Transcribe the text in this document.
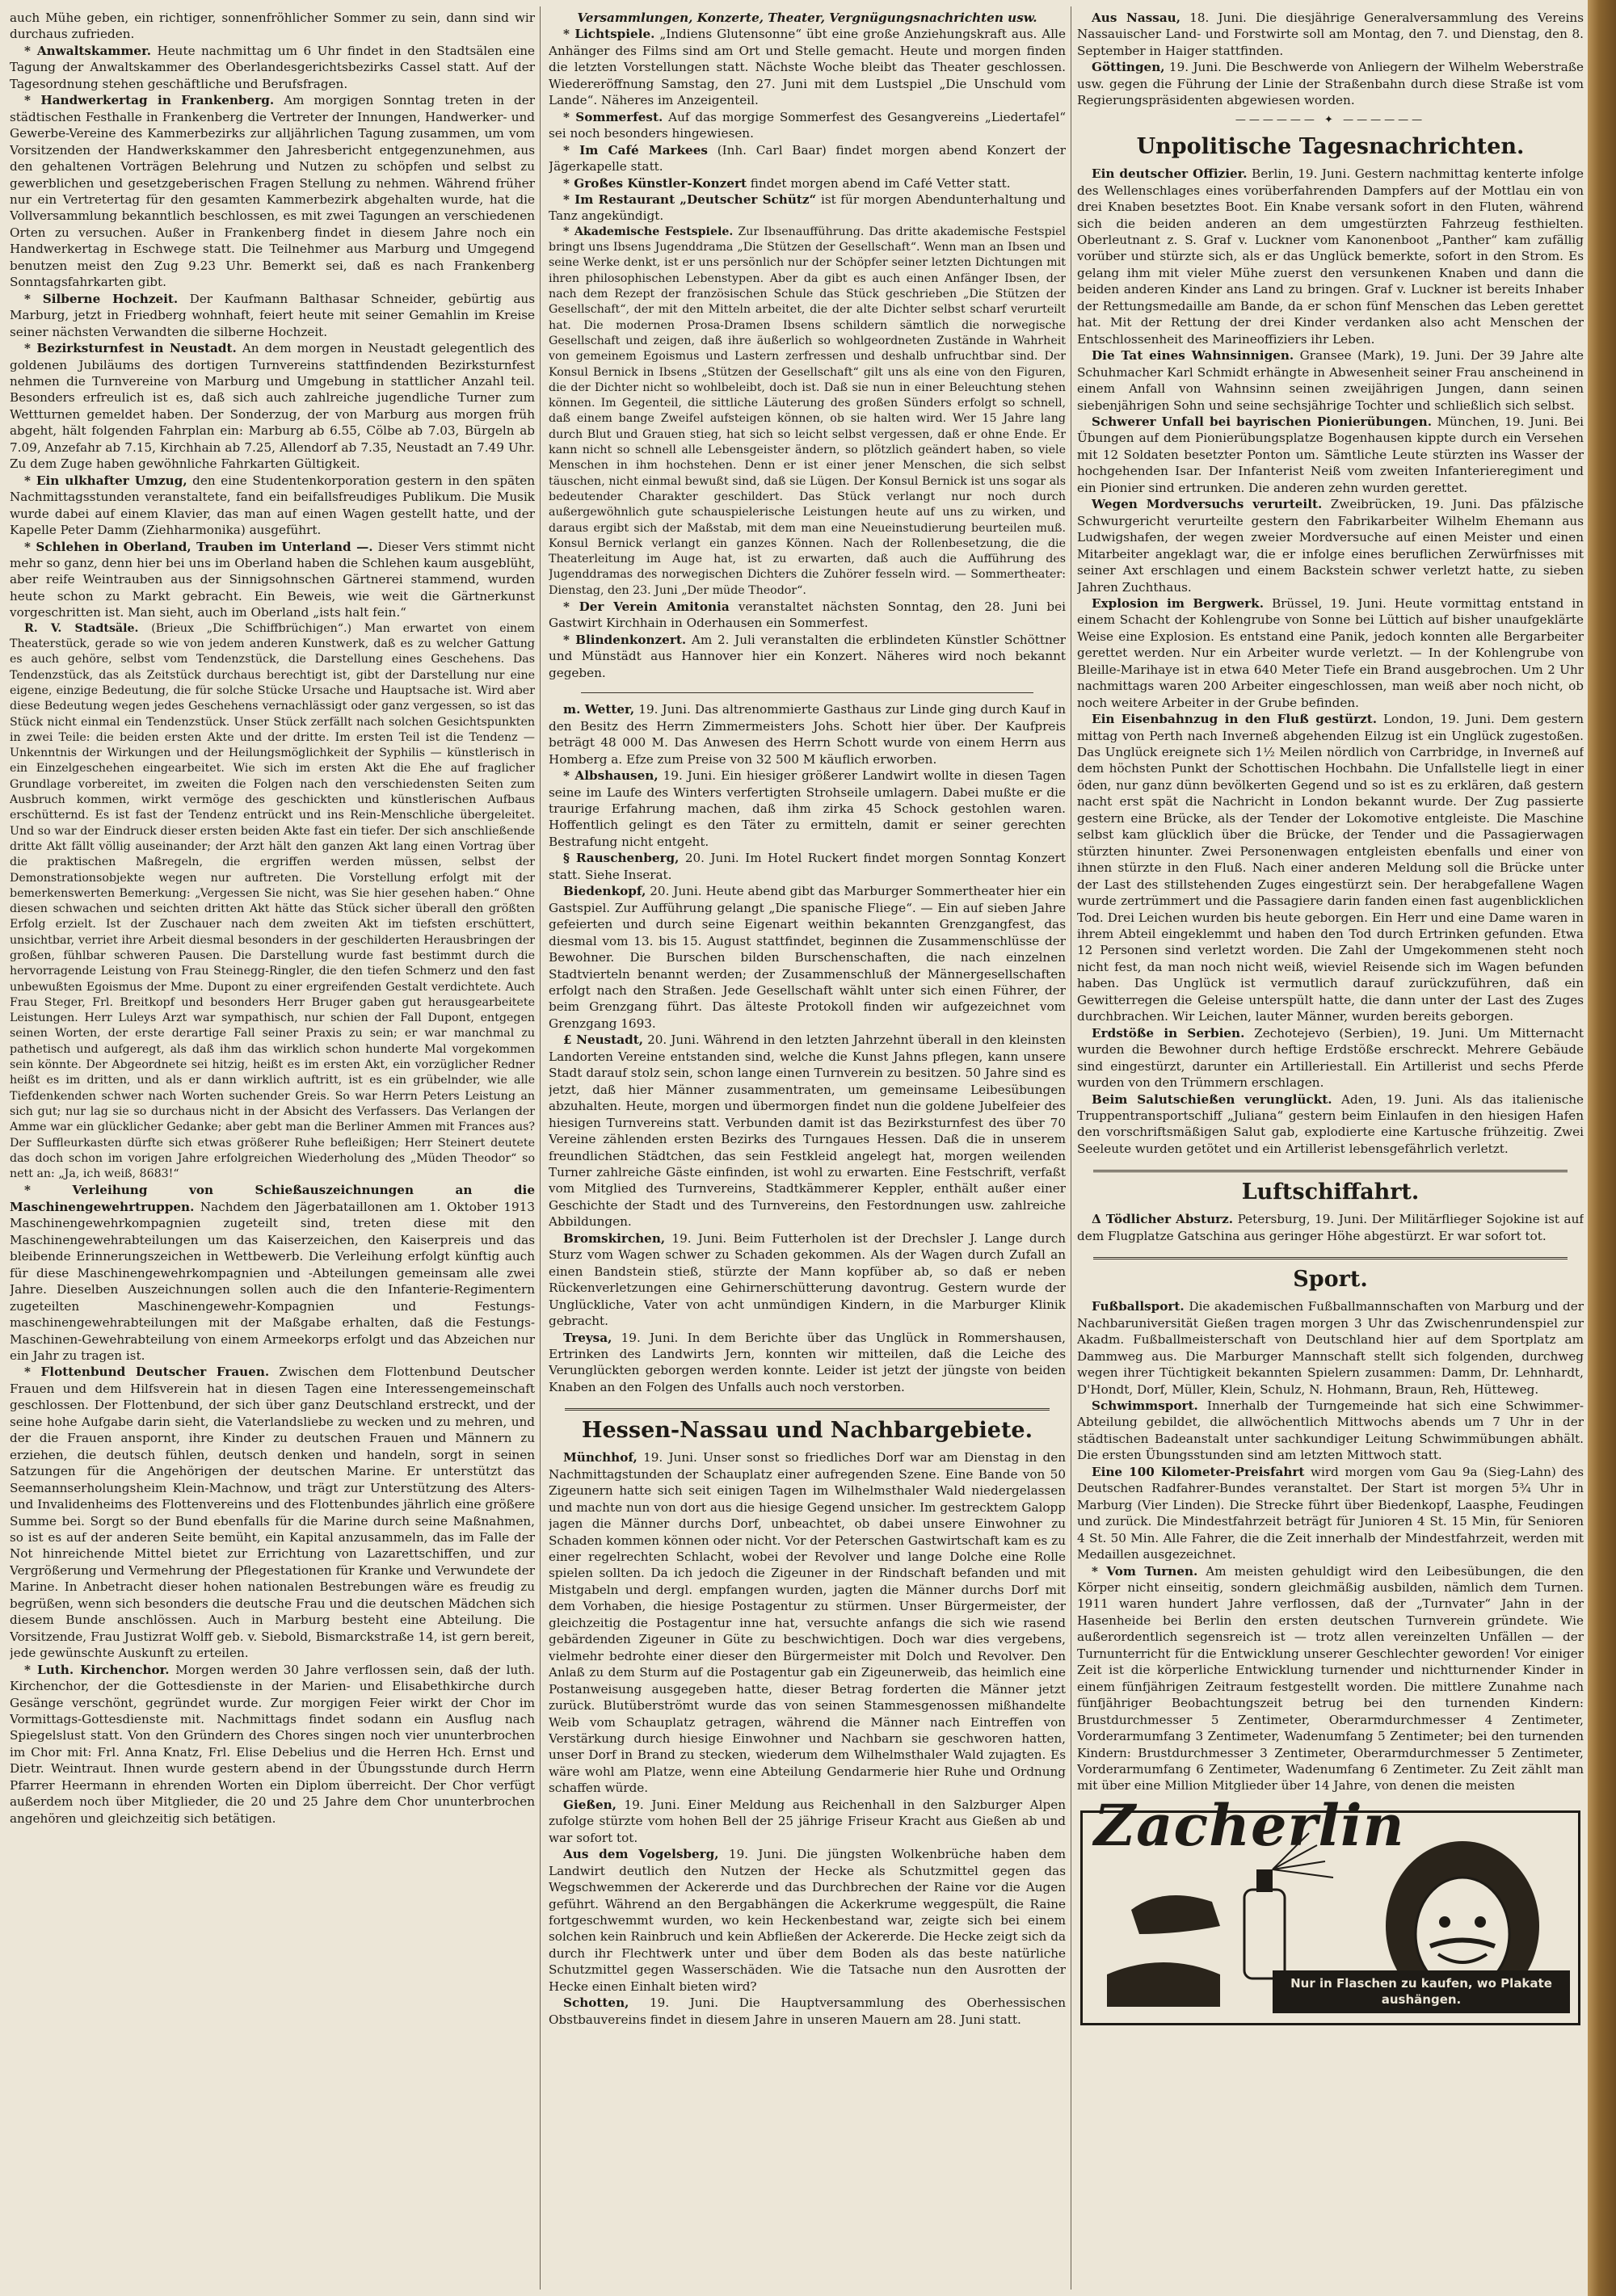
auch Mühe geben, ein richtiger, sonnenfröhlicher Sommer zu sein, dann sind wir durchaus zufrieden.

* Anwaltskammer. Heute nachmittag um 6 Uhr findet in den Stadtsälen eine Tagung der Anwaltskammer des Oberlandesgerichtsbezirks Cassel statt. Auf der Tagesordnung stehen geschäftliche und Berufsfragen.

* Handwerkertag in Frankenberg. Am morgigen Sonntag treten in der städtischen Festhalle in Frankenberg die Vertreter der Innungen, Handwerker- und Gewerbe-Vereine des Kammerbezirks zur alljährlichen Tagung zusammen, um vom Vorsitzenden der Handwerkskammer den Jahresbericht entgegenzunehmen, aus den gehaltenen Vorträgen Belehrung und Nutzen zu schöpfen und selbst zu gewerblichen und gesetzgeberischen Fragen Stellung zu nehmen. Während früher nur ein Vertretertag für den gesamten Kammerbezirk abgehalten wurde, hat die Vollversammlung bekanntlich beschlossen, es mit zwei Tagungen an verschiedenen Orten zu versuchen. Außer in Frankenberg findet in diesem Jahre noch ein Handwerkertag in Eschwege statt. Die Teilnehmer aus Marburg und Umgegend benutzen meist den Zug 9.23 Uhr. Bemerkt sei, daß es nach Frankenberg Sonntagsfahrkarten gibt.

* Silberne Hochzeit. Der Kaufmann Balthasar Schneider, gebürtig aus Marburg, jetzt in Friedberg wohnhaft, feiert heute mit seiner Gemahlin im Kreise seiner nächsten Verwandten die silberne Hochzeit.

* Bezirksturnfest in Neustadt. An dem morgen in Neustadt gelegentlich des goldenen Jubiläums des dortigen Turnvereins stattfindenden Bezirksturnfest nehmen die Turnvereine von Marburg und Umgebung in stattlicher Anzahl teil. Besonders erfreulich ist es, daß sich auch zahlreiche jugendliche Turner zum Wettturnen gemeldet haben. Der Sonderzug, der von Marburg aus morgen früh abgeht, hält folgenden Fahrplan ein: Marburg ab 6.55, Cölbe ab 7.03, Bürgeln ab 7.09, Anzefahr ab 7.15, Kirchhain ab 7.25, Allendorf ab 7.35, Neustadt an 7.49 Uhr. Zu dem Zuge haben gewöhnliche Fahrkarten Gültigkeit.

* Ein ulkhafter Umzug, den eine Studentenkorporation gestern in den späten Nachmittagsstunden veranstaltete, fand ein beifallsfreudiges Publikum. Die Musik wurde dabei auf einem Klavier, das man auf einen Wagen gestellt hatte, und der Kapelle Peter Damm (Ziehharmonika) ausgeführt.

* Schlehen in Oberland, Trauben im Unterland —. Dieser Vers stimmt nicht mehr so ganz, denn hier bei uns im Oberland haben die Schlehen kaum ausgeblüht, aber reife Weintrauben aus der Sinnigsohnschen Gärtnerei stammend, wurden heute schon zu Markt gebracht. Ein Beweis, wie weit die Gärtnerkunst vorgeschritten ist. Man sieht, auch im Oberland „ists halt fein.“

R. V. Stadtsäle. (Brieux „Die Schiffbrüchigen“.) Man erwartet von einem Theaterstück, gerade so wie von jedem anderen Kunstwerk, daß es zu welcher Gattung es auch gehöre, selbst vom Tendenzstück, die Darstellung eines Geschehens. Das Tendenzstück, das als Zeitstück durchaus berechtigt ist, gibt der Darstellung nur eine eigene, einzige Bedeutung, die für solche Stücke Ursache und Hauptsache ist. Wird aber diese Bedeutung wegen jedes Geschehens vernachlässigt oder ganz vergessen, so ist das Stück nicht einmal ein Tendenzstück. Unser Stück zerfällt nach solchen Gesichtspunkten in zwei Teile: die beiden ersten Akte und der dritte. Im ersten Teil ist die Tendenz — Unkenntnis der Wirkungen und der Heilungsmöglichkeit der Syphilis — künstlerisch in ein Einzelgeschehen eingearbeitet. Wie sich im ersten Akt die Ehe auf fraglicher Grundlage vorbereitet, im zweiten die Folgen nach den verschiedensten Seiten zum Ausbruch kommen, wirkt vermöge des geschickten und künstlerischen Aufbaus erschütternd. Es ist fast der Tendenz entrückt und ins Rein-Menschliche übergeleitet. Und so war der Eindruck dieser ersten beiden Akte fast ein tiefer. Der sich anschließende dritte Akt fällt völlig auseinander; der Arzt hält den ganzen Akt lang einen Vortrag über die praktischen Maßregeln, die ergriffen werden müssen, selbst der Demonstrationsobjekte wegen nur auftreten. Die Vorstellung erfolgt mit der bemerkenswerten Bemerkung: „Vergessen Sie nicht, was Sie hier gesehen haben.“ Ohne diesen schwachen und seichten dritten Akt hätte das Stück sicher überall den größten Erfolg erzielt. Ist der Zuschauer nach dem zweiten Akt im tiefsten erschüttert, unsichtbar, verriet ihre Arbeit diesmal besonders in der geschilderten Herausbringen der großen, fühlbar schweren Pausen. Die Darstellung wurde fast bestimmt durch die hervorragende Leistung von Frau Steinegg-Ringler, die den tiefen Schmerz und den fast unbewußten Egoismus der Mme. Dupont zu einer ergreifenden Gestalt verdichtete. Auch Frau Steger, Frl. Breitkopf und besonders Herr Bruger gaben gut herausgearbeitete Leistungen. Herr Luleys Arzt war sympathisch, nur schien der Fall Dupont, entgegen seinen Worten, der erste derartige Fall seiner Praxis zu sein; er war manchmal zu pathetisch und aufgeregt, als daß ihm das wirklich schon hunderte Mal vorgekommen sein könnte. Der Abgeordnete sei hitzig, heißt es im ersten Akt, ein vorzüglicher Redner heißt es im dritten, und als er dann wirklich auftritt, ist es ein grübelnder, wie alle Tiefdenkenden schwer nach Worten suchender Greis. So war Herrn Peters Leistung an sich gut; nur lag sie so durchaus nicht in der Absicht des Verfassers. Das Verlangen der Amme war ein glücklicher Gedanke; aber gebt man die Berliner Ammen mit Frances aus? Der Suffleurkasten dürfte sich etwas größerer Ruhe befleißigen; Herr Steinert deutete das doch schon im vorigen Jahre erfolgreichen Wiederholung des „Müden Theodor“ so nett an: „Ja, ich weiß, 8683!“

* Verleihung von Schießauszeichnungen an die Maschinengewehrtruppen. Nachdem den Jägerbataillonen am 1. Oktober 1913 Maschinengewehrkompagnien zugeteilt sind, treten diese mit den Maschinengewehrabteilungen um das Kaiserzeichen, den Kaiserpreis und das bleibende Erinnerungszeichen in Wettbewerb. Die Verleihung erfolgt künftig auch für diese Maschinengewehrkompagnien und -Abteilungen gemeinsam alle zwei Jahre. Dieselben Auszeichnungen sollen auch die den Infanterie-Regimentern zugeteilten Maschinengewehr-Kompagnien und Festungs-maschinengewehrabteilungen mit der Maßgabe erhalten, daß die Festungs-Maschinen-Gewehrabteilung von einem Armeekorps erfolgt und das Abzeichen nur ein Jahr zu tragen ist.

* Flottenbund Deutscher Frauen. Zwischen dem Flottenbund Deutscher Frauen und dem Hilfsverein hat in diesen Tagen eine Interessengemeinschaft geschlossen. Der Flottenbund, der sich über ganz Deutschland erstreckt, und der seine hohe Aufgabe darin sieht, die Vaterlandsliebe zu wecken und zu mehren, und der die Frauen anspornt, ihre Kinder zu deutschen Frauen und Männern zu erziehen, die deutsch fühlen, deutsch denken und handeln, sorgt in seinen Satzungen für die Angehörigen der deutschen Marine. Er unterstützt das Seemannserholungsheim Klein-Machnow, und trägt zur Unterstützung des Alters- und Invalidenheims des Flottenvereins und des Flottenbundes jährlich eine größere Summe bei. Sorgt so der Bund ebenfalls für die Marine durch seine Maßnahmen, so ist es auf der anderen Seite bemüht, ein Kapital anzusammeln, das im Falle der Not hinreichende Mittel bietet zur Errichtung von Lazarettschiffen, und zur Vergrößerung und Vermehrung der Pflegestationen für Kranke und Verwundete der Marine. In Anbetracht dieser hohen nationalen Bestrebungen wäre es freudig zu begrüßen, wenn sich besonders die deutsche Frau und die deutschen Mädchen sich diesem Bunde anschlössen. Auch in Marburg besteht eine Abteilung. Die Vorsitzende, Frau Justizrat Wolff geb. v. Siebold, Bismarckstraße 14, ist gern bereit, jede gewünschte Auskunft zu erteilen.

* Luth. Kirchenchor. Morgen werden 30 Jahre verflossen sein, daß der luth. Kirchenchor, der die Gottesdienste in der Marien- und Elisabethkirche durch Gesänge verschönt, gegründet wurde. Zur morgigen Feier wirkt der Chor im Vormittags-Gottesdienste mit. Nachmittags findet sodann ein Ausflug nach Spiegelslust statt. Von den Gründern des Chores singen noch vier ununterbrochen im Chor mit: Frl. Anna Knatz, Frl. Elise Debelius und die Herren Hch. Ernst und Dietr. Weintraut. Ihnen wurde gestern abend in der Übungsstunde durch Herrn Pfarrer Heermann in ehrenden Worten ein Diplom überreicht. Der Chor verfügt außerdem noch über Mitglieder, die 20 und 25 Jahre dem Chor ununterbrochen angehören und gleichzeitig sich betätigen.

Versammlungen, Konzerte, Theater, Vergnügungsnachrichten usw.

* Lichtspiele. „Indiens Glutensonne“ übt eine große Anziehungskraft aus. Alle Anhänger des Films sind am Ort und Stelle gemacht. Heute und morgen finden die letzten Vorstellungen statt. Nächste Woche bleibt das Theater geschlossen. Wiedereröffnung Samstag, den 27. Juni mit dem Lustspiel „Die Unschuld vom Lande“. Näheres im Anzeigenteil.

* Sommerfest. Auf das morgige Sommerfest des Gesangvereins „Liedertafel“ sei noch besonders hingewiesen.

* Im Café Markees (Inh. Carl Baar) findet morgen abend Konzert der Jägerkapelle statt.

* Großes Künstler-Konzert findet morgen abend im Café Vetter statt.

* Im Restaurant „Deutscher Schütz“ ist für morgen Abendunterhaltung und Tanz angekündigt.

* Akademische Festspiele. Zur Ibsenaufführung. Das dritte akademische Festspiel bringt uns Ibsens Jugenddrama „Die Stützen der Gesellschaft“. Wenn man an Ibsen und seine Werke denkt, ist er uns persönlich nur der Schöpfer seiner letzten Dichtungen mit ihren philosophischen Lebenstypen. Aber da gibt es auch einen Anfänger Ibsen, der nach dem Rezept der französischen Schule das Stück geschrieben „Die Stützen der Gesellschaft“, der mit den Mitteln arbeitet, die der alte Dichter selbst scharf verurteilt hat. Die modernen Prosa-Dramen Ibsens schildern sämtlich die norwegische Gesellschaft und zeigen, daß ihre äußerlich so wohlgeordneten Zustände in Wahrheit von gemeinem Egoismus und Lastern zerfressen und deshalb unfruchtbar sind. Der Konsul Bernick in Ibsens „Stützen der Gesellschaft“ gilt uns als eine von den Figuren, die der Dichter nicht so wohlbeleibt, doch ist. Daß sie nun in einer Beleuchtung stehen können. Im Gegenteil, die sittliche Läuterung des großen Sünders erfolgt so schnell, daß einem bange Zweifel aufsteigen können, ob sie halten wird. Wer 15 Jahre lang durch Blut und Grauen stieg, hat sich so leicht selbst vergessen, daß er ohne Ende. Er kann nicht so schnell alle Lebensgeister ändern, so plötzlich geändert haben, so viele Menschen in ihm hochstehen. Denn er ist einer jener Menschen, die sich selbst täuschen, nicht einmal bewußt sind, daß sie Lügen. Der Konsul Bernick ist uns sogar als bedeutender Charakter geschildert. Das Stück verlangt nur noch durch außergewöhnlich gute schauspielerische Leistungen heute auf uns zu wirken, und daraus ergibt sich der Maßstab, mit dem man eine Neueinstudierung beurteilen muß. Konsul Bernick verlangt ein ganzes Können. Nach der Rollenbesetzung, die die Theaterleitung im Auge hat, ist zu erwarten, daß auch die Aufführung des Jugenddramas des norwegischen Dichters die Zuhörer fesseln wird. — Sommertheater: Dienstag, den 23. Juni „Der müde Theodor“.

* Der Verein Amitonia veranstaltet nächsten Sonntag, den 28. Juni bei Gastwirt Kirchhain in Oderhausen ein Sommerfest.

* Blindenkonzert. Am 2. Juli veranstalten die erblindeten Künstler Schöttner und Münstädt aus Hannover hier ein Konzert. Näheres wird noch bekannt gegeben.

m. Wetter, 19. Juni. Das altrenommierte Gasthaus zur Linde ging durch Kauf in den Besitz des Herrn Zimmermeisters Johs. Schott hier über. Der Kaufpreis beträgt 48 000 M. Das Anwesen des Herrn Schott wurde von einem Herrn aus Homberg a. Efze zum Preise von 32 500 M käuflich erworben.

* Albshausen, 19. Juni. Ein hiesiger größerer Landwirt wollte in diesen Tagen seine im Laufe des Winters verfertigten Strohseile umlagern. Dabei mußte er die traurige Erfahrung machen, daß ihm zirka 45 Schock gestohlen waren. Hoffentlich gelingt es den Täter zu ermitteln, damit er seiner gerechten Bestrafung nicht entgeht.

§ Rauschenberg, 20. Juni. Im Hotel Ruckert findet morgen Sonntag Konzert statt. Siehe Inserat.

Biedenkopf, 20. Juni. Heute abend gibt das Marburger Sommertheater hier ein Gastspiel. Zur Aufführung gelangt „Die spanische Fliege“. — Ein auf sieben Jahre gefeierten und durch seine Eigenart weithin bekannten Grenzgangfest, das diesmal vom 13. bis 15. August stattfindet, beginnen die Zusammenschlüsse der Bewohner. Die Burschen bilden Burschenschaften, die nach einzelnen Stadtvierteln benannt werden; der Zusammenschluß der Männergesellschaften erfolgt nach den Straßen. Jede Gesellschaft wählt unter sich einen Führer, der beim Grenzgang führt. Das älteste Protokoll finden wir aufgezeichnet vom Grenzgang 1693.

£ Neustadt, 20. Juni. Während in den letzten Jahrzehnt überall in den kleinsten Landorten Vereine entstanden sind, welche die Kunst Jahns pflegen, kann unsere Stadt darauf stolz sein, schon lange einen Turnverein zu besitzen. 50 Jahre sind es jetzt, daß hier Männer zusammentraten, um gemeinsame Leibesübungen abzuhalten. Heute, morgen und übermorgen findet nun die goldene Jubelfeier des hiesigen Turnvereins statt. Verbunden damit ist das Bezirksturnfest des über 70 Vereine zählenden ersten Bezirks des Turngaues Hessen. Daß die in unserem freundlichen Städtchen, das sein Festkleid angelegt hat, morgen weilenden Turner zahlreiche Gäste einfinden, ist wohl zu erwarten. Eine Festschrift, verfaßt vom Mitglied des Turnvereins, Stadtkämmerer Keppler, enthält außer einer Geschichte der Stadt und des Turnvereins, den Festordnungen usw. zahlreiche Abbildungen.

Bromskirchen, 19. Juni. Beim Futterholen ist der Drechsler J. Lange durch Sturz vom Wagen schwer zu Schaden gekommen. Als der Wagen durch Zufall an einen Bandstein stieß, stürzte der Mann kopfüber ab, so daß er neben Rückenverletzungen eine Gehirnerschütterung davontrug. Gestern wurde der Unglückliche, Vater von acht unmündigen Kindern, in die Marburger Klinik gebracht.

Treysa, 19. Juni. In dem Berichte über das Unglück in Rommershausen, Ertrinken des Landwirts Jern, konnten wir mitteilen, daß die Leiche des Verunglückten geborgen werden konnte. Leider ist jetzt der jüngste von beiden Knaben an den Folgen des Unfalls auch noch verstorben.

Hessen-Nassau und Nachbargebiete.

Münchhof, 19. Juni. Unser sonst so friedliches Dorf war am Dienstag in den Nachmittagstunden der Schauplatz einer aufregenden Szene. Eine Bande von 50 Zigeunern hatte sich seit einigen Tagen im Wilhelmsthaler Wald niedergelassen und machte nun von dort aus die hiesige Gegend unsicher. Im gestrecktem Galopp jagen die Männer durchs Dorf, unbeachtet, ob dabei unsere Einwohner zu Schaden kommen können oder nicht. Vor der Peterschen Gastwirtschaft kam es zu einer regelrechten Schlacht, wobei der Revolver und lange Dolche eine Rolle spielen sollten. Da ich jedoch die Zigeuner in der Rindschaft befanden und mit Mistgabeln und dergl. empfangen wurden, jagten die Männer durchs Dorf mit dem Vorhaben, die hiesige Postagentur zu stürmen. Unser Bürgermeister, der gleichzeitig die Postagentur inne hat, versuchte anfangs die sich wie rasend gebärdenden Zigeuner in Güte zu beschwichtigen. Doch war dies vergebens, vielmehr bedrohte einer dieser den Bürgermeister mit Dolch und Revolver. Den Anlaß zu dem Sturm auf die Postagentur gab ein Zigeunerweib, das heimlich eine Postanweisung ausgegeben hatte, dieser Betrag forderten die Männer jetzt zurück. Blutüberströmt wurde das von seinen Stammesgenossen mißhandelte Weib vom Schauplatz getragen, während die Männer nach Eintreffen von Verstärkung durch hiesige Einwohner und Nachbarn sie geschworen hatten, unser Dorf in Brand zu stecken, wiederum dem Wilhelmsthaler Wald zujagten. Es wäre wohl am Platze, wenn eine Abteilung Gendarmerie hier Ruhe und Ordnung schaffen würde.

Gießen, 19. Juni. Einer Meldung aus Reichenhall in den Salzburger Alpen zufolge stürzte vom hohen Bell der 25 jährige Friseur Kracht aus Gießen ab und war sofort tot.

Aus dem Vogelsberg, 19. Juni. Die jüngsten Wolkenbrüche haben dem Landwirt deutlich den Nutzen der Hecke als Schutzmittel gegen das Wegschwemmen der Ackererde und das Durchbrechen der Raine vor die Augen geführt. Während an den Bergabhängen die Ackerkrume weggespült, die Raine fortgeschwemmt wurden, wo kein Heckenbestand war, zeigte sich bei einem solchen kein Rainbruch und kein Abfließen der Ackererde. Die Hecke zeigt sich da durch ihr Flechtwerk unter und über dem Boden als das beste natürliche Schutzmittel gegen Wasserschäden. Wie die Tatsache nun den Ausrotten der Hecke einen Einhalt bieten wird?

Schotten, 19. Juni. Die Hauptversammlung des Oberhessischen Obstbauvereins findet in diesem Jahre in unseren Mauern am 28. Juni statt.

Aus Nassau, 18. Juni. Die diesjährige Generalversammlung des Vereins Nassauischer Land- und Forstwirte soll am Montag, den 7. und Dienstag, den 8. September in Haiger stattfinden.

Göttingen, 19. Juni. Die Beschwerde von Anliegern der Wilhelm Weberstraße usw. gegen die Führung der Linie der Straßenbahn durch diese Straße ist vom Regierungspräsidenten abgewiesen worden.

—————— ✦ ——————
Unpolitische Tagesnachrichten.

Ein deutscher Offizier. Berlin, 19. Juni. Gestern nachmittag kenterte infolge des Wellenschlages eines vorüberfahrenden Dampfers auf der Mottlau ein von drei Knaben besetztes Boot. Ein Knabe versank sofort in den Fluten, während sich die beiden anderen an dem umgestürzten Fahrzeug festhielten. Oberleutnant z. S. Graf v. Luckner vom Kanonenboot „Panther“ kam zufällig vorüber und stürzte sich, als er das Unglück bemerkte, sofort in den Strom. Es gelang ihm mit vieler Mühe zuerst den versunkenen Knaben und dann die beiden anderen Kinder ans Land zu bringen. Graf v. Luckner ist bereits Inhaber der Rettungsmedaille am Bande, da er schon fünf Menschen das Leben gerettet hat. Mit der Rettung der drei Kinder verdanken also acht Menschen der Entschlossenheit des Marineoffiziers ihr Leben.

Die Tat eines Wahnsinnigen. Gransee (Mark), 19. Juni. Der 39 Jahre alte Schuhmacher Karl Schmidt erhängte in Abwesenheit seiner Frau anscheinend in einem Anfall von Wahnsinn seinen zweijährigen Jungen, dann seinen siebenjährigen Sohn und seine sechsjährige Tochter und schließlich sich selbst.

Schwerer Unfall bei bayrischen Pionierübungen. München, 19. Juni. Bei Übungen auf dem Pionierübungsplatze Bogenhausen kippte durch ein Versehen mit 12 Soldaten besetzter Ponton um. Sämtliche Leute stürzten ins Wasser der hochgehenden Isar. Der Infanterist Neiß vom zweiten Infanterieregiment und ein Pionier sind ertrunken. Die anderen zehn wurden gerettet.

Wegen Mordversuchs verurteilt. Zweibrücken, 19. Juni. Das pfälzische Schwurgericht verurteilte gestern den Fabrikarbeiter Wilhelm Ehemann aus Ludwigshafen, der wegen zweier Mordversuche auf einen Meister und einen Mitarbeiter angeklagt war, die er infolge eines beruflichen Zerwürfnisses mit seiner Axt erschlagen und einem Backstein schwer verletzt hatte, zu sieben Jahren Zuchthaus.

Explosion im Bergwerk. Brüssel, 19. Juni. Heute vormittag entstand in einem Schacht der Kohlengrube von Sonne bei Lüttich auf bisher unaufgeklärte Weise eine Explosion. Es entstand eine Panik, jedoch konnten alle Bergarbeiter gerettet werden. Nur ein Arbeiter wurde verletzt. — In der Kohlengrube von Bleille-Marihaye ist in etwa 640 Meter Tiefe ein Brand ausgebrochen. Um 2 Uhr nachmittags waren 200 Arbeiter eingeschlossen, man weiß aber noch nicht, ob noch weitere Arbeiter in der Grube befinden.

Ein Eisenbahnzug in den Fluß gestürzt. London, 19. Juni. Dem gestern mittag von Perth nach Inverneß abgehenden Eilzug ist ein Unglück zugestoßen. Das Unglück ereignete sich 1½ Meilen nördlich von Carrbridge, in Inverneß auf dem höchsten Punkt der Schottischen Hochbahn. Die Unfallstelle liegt in einer öden, nur ganz dünn bevölkerten Gegend und so ist es zu erklären, daß gestern nacht erst spät die Nachricht in London bekannt wurde. Der Zug passierte gestern eine Brücke, als der Tender der Lokomotive entgleiste. Die Maschine selbst kam glücklich über die Brücke, der Tender und die Passagierwagen stürzten hinunter. Zwei Personenwagen entgleisten ebenfalls und einer von ihnen stürzte in den Fluß. Nach einer anderen Meldung soll die Brücke unter der Last des stillstehenden Zuges eingestürzt sein. Der herabgefallene Wagen wurde zertrümmert und die Passagiere darin fanden einen fast augenblicklichen Tod. Drei Leichen wurden bis heute geborgen. Ein Herr und eine Dame waren in ihrem Abteil eingeklemmt und haben den Tod durch Ertrinken gefunden. Etwa 12 Personen sind verletzt worden. Die Zahl der Umgekommenen steht noch nicht fest, da man noch nicht weiß, wieviel Reisende sich im Wagen befunden haben. Das Unglück ist vermutlich darauf zurückzuführen, daß ein Gewitterregen die Geleise unterspült hatte, die dann unter der Last des Zuges durchbrachen. Wir Leichen, lauter Männer, wurden bereits geborgen.

Erdstöße in Serbien. Zechotejevo (Serbien), 19. Juni. Um Mitternacht wurden die Bewohner durch heftige Erdstöße erschreckt. Mehrere Gebäude sind eingestürzt, darunter ein Artilleriestall. Ein Artillerist und sechs Pferde wurden von den Trümmern erschlagen.

Beim Salutschießen verunglückt. Aden, 19. Juni. Als das italienische Truppentransportschiff „Juliana“ gestern beim Einlaufen in den hiesigen Hafen den vorschriftsmäßigen Salut gab, explodierte eine Kartusche frühzeitig. Zwei Seeleute wurden getötet und ein Artillerist lebensgefährlich verletzt.

Luftschiffahrt.

Δ Tödlicher Absturz. Petersburg, 19. Juni. Der Militärflieger Sojokine ist auf dem Flugplatze Gatschina aus geringer Höhe abgestürzt. Er war sofort tot.

Sport.

Fußballsport. Die akademischen Fußballmannschaften von Marburg und der Nachbaruniversität Gießen tragen morgen 3 Uhr das Zwischenrundenspiel zur Akadm. Fußballmeisterschaft von Deutschland hier auf dem Sportplatz am Dammweg aus. Die Marburger Mannschaft stellt sich folgenden, durchweg wegen ihrer Tüchtigkeit bekannten Spielern zusammen: Damm, Dr. Lehnhardt, D'Hondt, Dorf, Müller, Klein, Schulz, N. Hohmann, Braun, Reh, Hütteweg.

Schwimmsport. Innerhalb der Turngemeinde hat sich eine Schwimmer-Abteilung gebildet, die allwöchentlich Mittwochs abends um 7 Uhr in der städtischen Badeanstalt unter sachkundiger Leitung Schwimmübungen abhält. Die ersten Übungsstunden sind am letzten Mittwoch statt.

Eine 100 Kilometer-Preisfahrt wird morgen vom Gau 9a (Sieg-Lahn) des Deutschen Radfahrer-Bundes veranstaltet. Der Start ist morgen 5¾ Uhr in Marburg (Vier Linden). Die Strecke führt über Biedenkopf, Laasphe, Feudingen und zurück. Die Mindestfahrzeit beträgt für Junioren 4 St. 15 Min, für Senioren 4 St. 50 Min. Alle Fahrer, die die Zeit innerhalb der Mindestfahrzeit, werden mit Medaillen ausgezeichnet.

* Vom Turnen. Am meisten gehuldigt wird den Leibesübungen, die den Körper nicht einseitig, sondern gleichmäßig ausbilden, nämlich dem Turnen. 1911 waren hundert Jahre verflossen, daß der „Turnvater“ Jahn in der Hasenheide bei Berlin den ersten deutschen Turnverein gründete. Wie außerordentlich segensreich ist — trotz allen vereinzelten Unfällen — der Turnunterricht für die Entwicklung unserer Geschlechter geworden! Vor einiger Zeit ist die körperliche Entwicklung turnender und nichtturnender Kinder in einem fünfjährigen Zeitraum festgestellt worden. Die mittlere Zunahme nach fünfjähriger Beobachtungszeit betrug bei den turnenden Kindern: Brustdurchmesser 5 Zentimeter, Oberarmdurchmesser 4 Zentimeter, Vorderarmumfang 3 Zentimeter, Wadenumfang 5 Zentimeter; bei den turnenden Kindern: Brustdurchmesser 3 Zentimeter, Oberarmdurchmesser 5 Zentimeter, Vorderarmumfang 6 Zentimeter, Wadenumfang 6 Zentimeter. Zu Zeit zählt man mit über eine Million Mitglieder über 14 Jahre, von denen die meisten

Zacherlin
Nur in Flaschen zu kaufen, wo Plakate aushängen.
